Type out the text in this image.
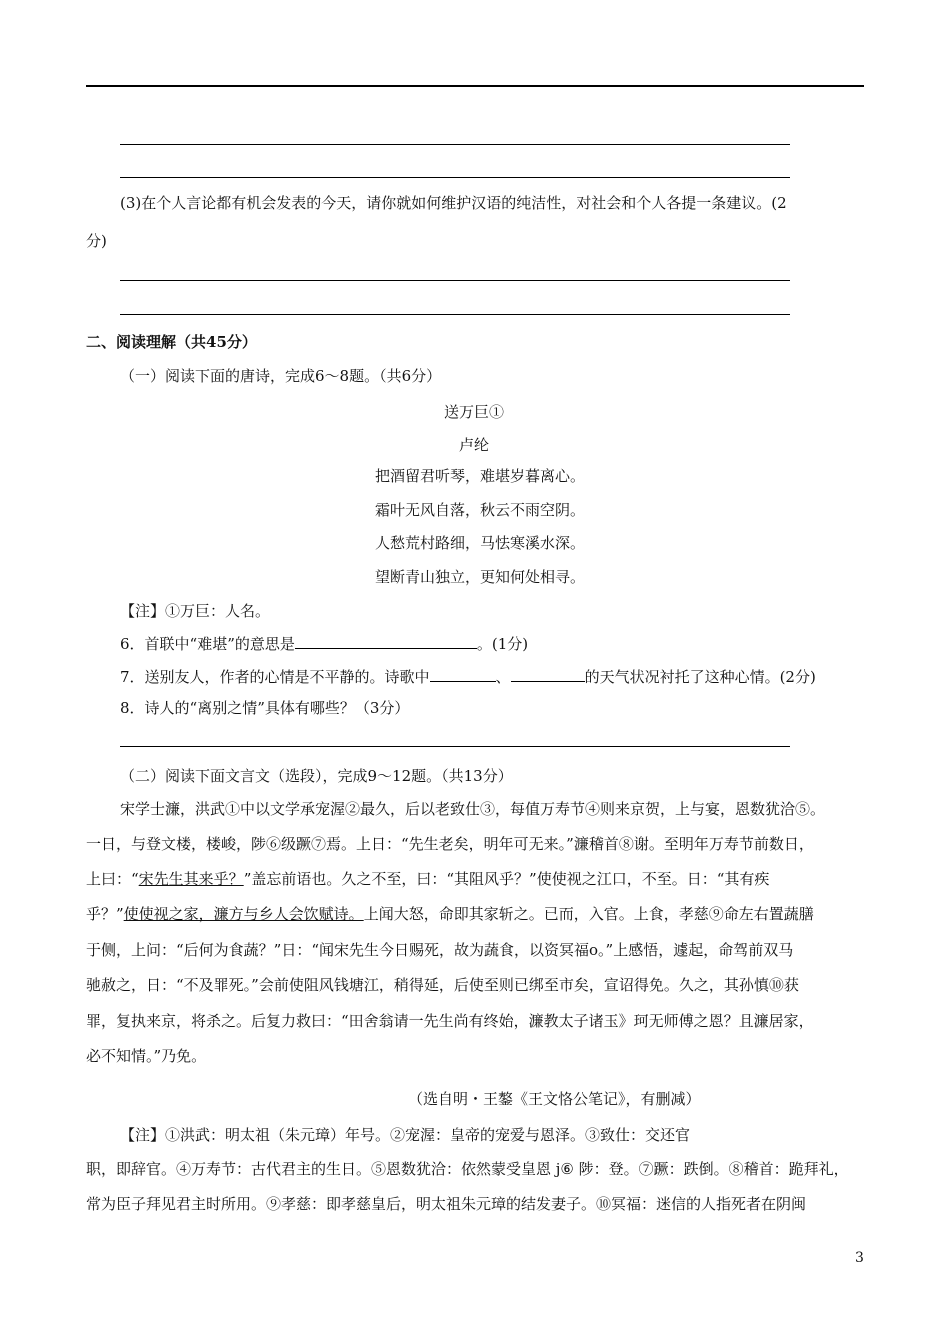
(3)在个人言论都有机会发表的今天，请你就如何维护汉语的纯洁性，对社会和个人各提一条建议。(2
分)
二、阅读理解（共45分）
（一）阅读下面的唐诗，完成6～8题。（共6分）
送万巨①
卢纶
把酒留君听琴，难堪岁暮离心。
霜叶无风自落，秋云不雨空阴。
人愁荒村路细，马怯寒溪水深。
望断青山独立，更知何处相寻。
【注】①万巨：人名。
6．首联中“难堪”的意思是	。(1分)
7．送别友人，作者的心情是不平静的。诗歌中	、	的天气状况衬托了这种心情。(2分)
8．诗人的“离别之情”具体有哪些？（3分）
（二）阅读下面文言文（选段），完成9～12题。（共13分）
宋学士濂，洪武①中以文学承宠渥②最久，后以老致仕③，每值万寿节④则来京贺，上与宴，恩数犹洽⑤。
一日，与登文楼，楼峻，陟⑥级蹶⑦焉。上日：“先生老矣，明年可无来。”濂稽首⑧谢。至明年万寿节前数日，
上曰：“宋先生其来乎？”盖忘前语也。久之不至，曰：“其阻风乎？”使使视之江口，不至。日：“其有疾
乎？”使使视之家，濂方与乡人会饮赋诗。上闻大怒，命即其家斩之。已而，入官。上食，孝慈⑨命左右置蔬膳
于侧，上问：“后何为食蔬？”日：“闻宋先生今日赐死，故为蔬食，以资冥福o。”上感悟，遽起，命驾前双马
驰赦之，日：“不及罪死。”会前使阻风钱塘江，稍得延，后使至则已绑至市矣，宣诏得免。久之，其孙慎⑩获
罪，复执来京，将杀之。后复力救曰：“田舍翁请一先生尚有终始，濂教太子诸玉》珂无师傅之恩？且濂居家，
必不知情。”乃免。
（选自明・王鏊《王文恪公笔记》，有删减）
【注】①洪武：明太祖（朱元璋）年号。②宠渥：皇帝的宠爱与恩泽。③致仕：交还官
职，即辞官。④万寿节：古代君主的生日。⑤恩数犹洽：依然蒙受皇恩 j⑥ 陟：登。⑦蹶：跌倒。⑧稽首：跪拜礼，
常为臣子拜见君主时所用。⑨孝慈：即孝慈皇后，明太祖朱元璋的结发妻子。⑩冥福：迷信的人指死者在阴闽
3
